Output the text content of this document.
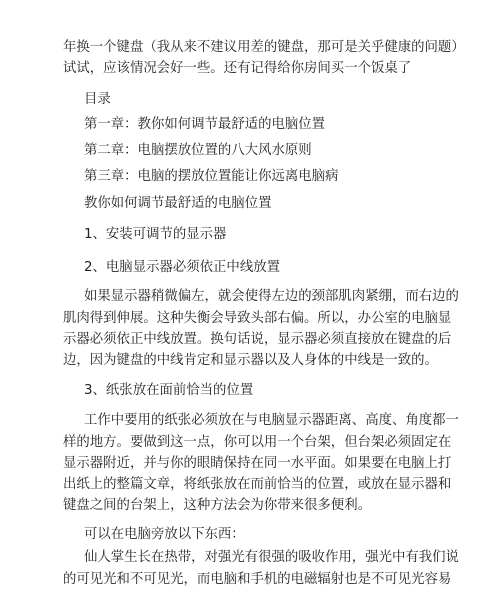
年换一个键盘（我从来不建议用差的键盘，那可是关乎健康的问题）
试试，应该情况会好一些。还有记得给你房间买一个饭桌了
目录
第一章：教你如何调节最舒适的电脑位置
第二章：电脑摆放位置的八大风水原则
第三章：电脑的摆放位置能让你远离电脑病
教你如何调节最舒适的电脑位置
1、安装可调节的显示器
2、电脑显示器必须依正中线放置
如果显示器稍微偏左，就会使得左边的颈部肌肉紧绷，而右边的
肌肉得到伸展。这种失衡会导致头部右偏。所以，办公室的电脑显
示器必须依正中线放置。换句话说，显示器必须直接放在键盘的后
边，因为键盘的中线肯定和显示器以及人身体的中线是一致的。
3、纸张放在面前恰当的位置
工作中要用的纸张必须放在与电脑显示器距离、高度、角度都一
样的地方。要做到这一点，你可以用一个台架，但台架必须固定在
显示器附近，并与你的眼睛保持在同一水平面。如果要在电脑上打
出纸上的整篇文章，将纸张放在而前恰当的位置，或放在显示器和
键盘之间的台架上，这种方法会为你带来很多便利。
可以在电脑旁放以下东西：
仙人掌生长在热带，对强光有很强的吸收作用，强光中有我们说
的可见光和不可见光，而电脑和手机的电磁辐射也是不可见光容易
